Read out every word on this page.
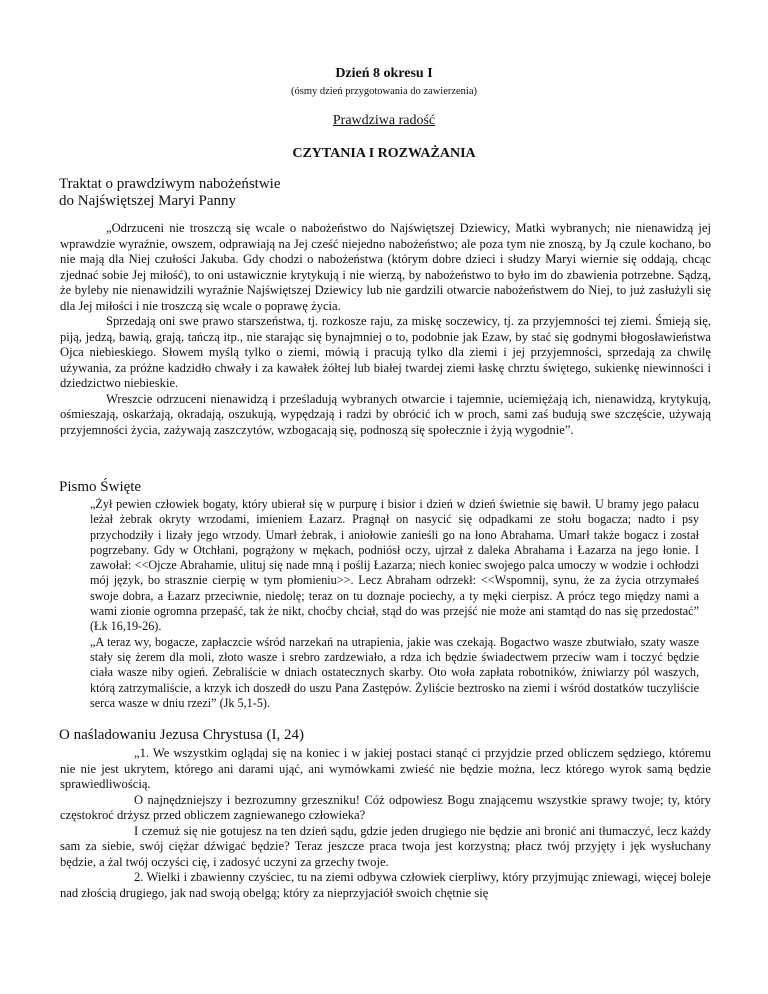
Dzień 8 okresu I
(ósmy dzień przygotowania do zawierzenia)
Prawdziwa radość
CZYTANIA I ROZWAŻANIA
Traktat o prawdziwym nabożeństwie
do Najświętszej Maryi Panny

„Odrzuceni nie troszczą się wcale o nabożeństwo do Najświętszej Dziewicy, Matki wybranych; nie nienawidzą jej wprawdzie wyraźnie, owszem, odprawiają na Jej cześć niejedno nabożeństwo; ale poza tym nie znoszą, by Ją czule kochano, bo nie mają dla Niej czułości Jakuba. Gdy chodzi o nabożeństwa (którym dobre dzieci i słudzy Maryi wiernie się oddają, chcąc zjednać sobie Jej miłość), to oni ustawicznie krytykują i nie wierzą, by nabożeństwo to było im do zbawienia potrzebne. Sądzą, że byleby nie nienawidzili wyraźnie Najświętszej Dziewicy lub nie gardzili otwarcie nabożeństwem do Niej, to już zasłużyli się dla Jej miłości i nie troszczą się wcale o poprawę życia.

Sprzedają oni swe prawo starszeństwa, tj. rozkosze raju, za miskę soczewicy, tj. za przyjemności tej ziemi. Śmieją się, piją, jedzą, bawią, grają, tańczą itp., nie starając się bynajmniej o to, podobnie jak Ezaw, by stać się godnymi błogosławieństwa Ojca niebieskiego. Słowem myślą tylko o ziemi, mówią i pracują tylko dla ziemi i jej przyjemności, sprzedają za chwilę używania, za próżne kadzidło chwały i za kawałek żółtej lub białej twardej ziemi łaskę chrztu świętego, sukienkę niewinności i dziedzictwo niebieskie.

Wreszcie odrzuceni nienawidzą i prześladują wybranych otwarcie i tajemnie, uciemiężają ich, nienawidzą, krytykują, ośmieszają, oskarżają, okradają, oszukują, wypędzają i radzi by obrócić ich w proch, sami zaś budują swe szczęście, używają przyjemności życia, zażywają zaszczytów, wzbogacają się, podnoszą się społecznie i żyją wygodnie”.

Pismo Święte

„Żył pewien człowiek bogaty, który ubierał się w purpurę i bisior i dzień w dzień świetnie się bawił. U bramy jego pałacu leżał żebrak okryty wrzodami, imieniem Łazarz. Pragnął on nasycić się odpadkami ze stołu bogacza; nadto i psy przychodziły i lizały jego wrzody. Umarł żebrak, i aniołowie zanieśli go na łono Abrahama. Umarł także bogacz i został pogrzebany. Gdy w Otchłani, pogrążony w mękach, podniósł oczy, ujrzał z daleka Abrahama i Łazarza na jego łonie. I zawołał: <<Ojcze Abrahamie, ulituj się nade mną i poślij Łazarza; niech koniec swojego palca umoczy w wodzie i ochłodzi mój język, bo strasznie cierpię w tym płomieniu>>. Lecz Abraham odrzekł: <<Wspomnij, synu, że za życia otrzymałeś swoje dobra, a Łazarz przeciwnie, niedolę; teraz on tu doznaje pociechy, a ty męki cierpisz. A prócz tego między nami a wami zionie ogromna przepaść, tak że nikt, choćby chciał, stąd do was przejść nie może ani stamtąd do nas się przedostać” (Łk 16,19-26).

„A teraz wy, bogacze, zapłaczcie wśród narzekań na utrapienia, jakie was czekają. Bogactwo wasze zbutwiało, szaty wasze stały się żerem dla moli, złoto wasze i srebro zardzewiało, a rdza ich będzie świadectwem przeciw wam i toczyć będzie ciała wasze niby ogień. Zebraliście w dniach ostatecznych skarby. Oto woła zapłata robotników, żniwiarzy pól waszych, którą zatrzymaliście, a krzyk ich doszedł do uszu Pana Zastępów. Żyliście beztrosko na ziemi i wśród dostatków tuczyliście serca wasze w dniu rzezi” (Jk 5,1-5).

O naśladowaniu Jezusa Chrystusa (I, 24)

„1. We wszystkim oglądaj się na koniec i w jakiej postaci stanąć ci przyjdzie przed obliczem sędziego, któremu nie nie jest ukrytem, którego ani darami ująć, ani wymówkami zwieść nie będzie można, lecz którego wyrok samą będzie sprawiedliwością.

O najnędzniejszy i bezrozumny grzeszniku! Cóż odpowiesz Bogu znającemu wszystkie sprawy twoje; ty, który częstokroć drżysz przed obliczem zagniewanego człowieka?

I czemuż się nie gotujesz na ten dzień sądu, gdzie jeden drugiego nie będzie ani bronić ani tłumaczyć, lecz każdy sam za siebie, swój ciężar dźwigać będzie? Teraz jeszcze praca twoja jest korzystną; płacz twój przyjęty i jęk wysłuchany będzie, a żal twój oczyści cię, i zadosyć uczyni za grzechy twoje.

2. Wielki i zbawienny czyściec, tu na ziemi odbywa człowiek cierpliwy, który przyjmując zniewagi, więcej boleje nad złością drugiego, jak nad swoją obelgą; który za nieprzyjaciół swoich chętnie się
